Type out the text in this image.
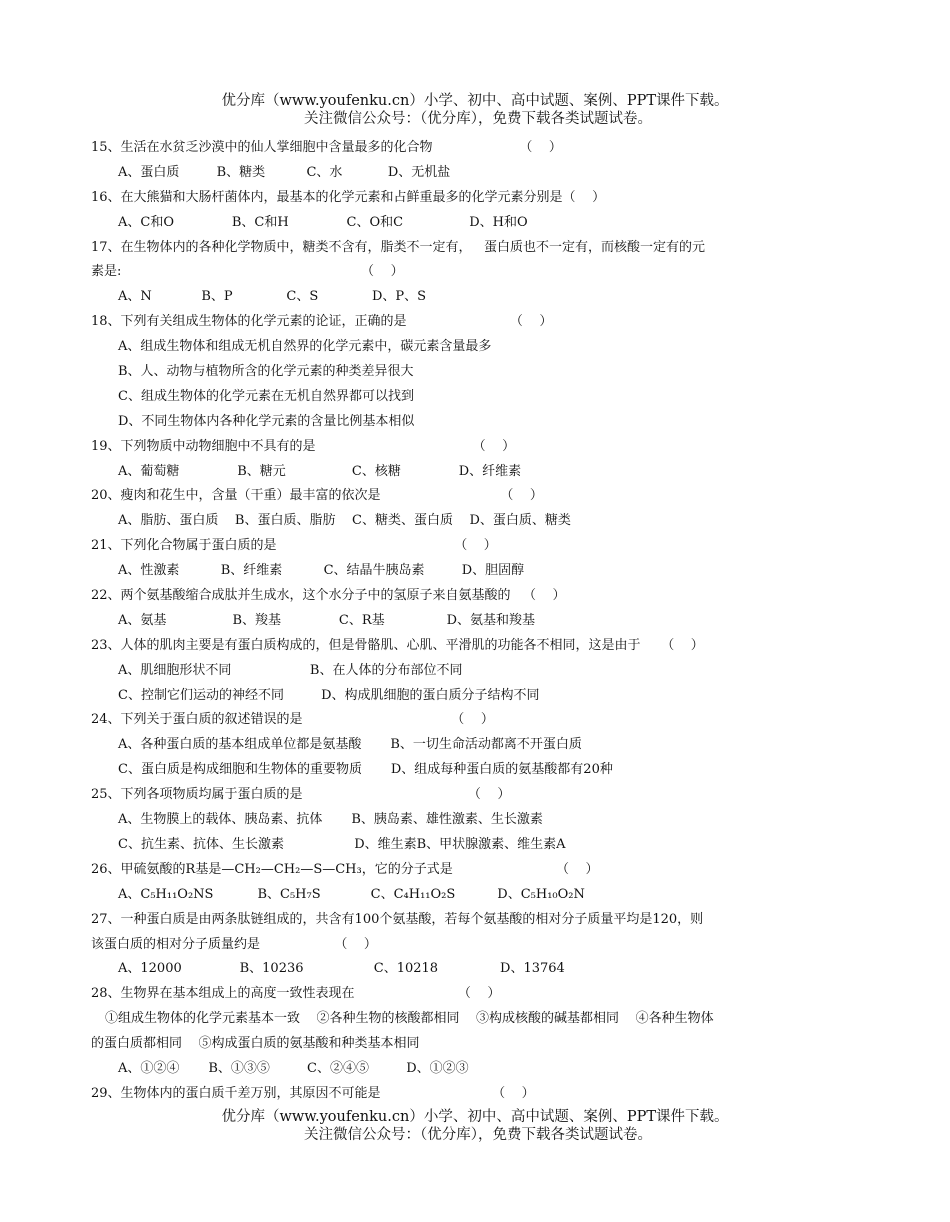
优分库（www.youfenku.cn）小学、初中、高中试题、案例、PPT课件下载。
关注微信公众号：（优分库），免费下载各类试题试卷。
15、生活在水贫乏沙漠中的仙人掌细胞中含量最多的化合物                     （    ）
A、蛋白质         B、糖类          C、水           D、无机盐
16、在大熊猫和大肠杆菌体内，最基本的化学元素和占鲜重最多的化学元素分别是（    ）
A、C和O              B、C和H              C、O和C                D、H和O
17、在生物体内的各种化学物质中，糖类不含有，脂类不一定有，   蛋白质也不一定有，而核酸一定有的元
素是:                                                          （    ）
A、N            B、P             C、S             D、P、S
18、下列有关组成生物体的化学元素的论证，正确的是                         （    ）
A、组成生物体和组成无机自然界的化学元素中，碳元素含量最多
B、人、动物与植物所含的化学元素的种类差异很大
C、组成生物体的化学元素在无机自然界都可以找到
D、不同生物体内各种化学元素的含量比例基本相似
19、下列物质中动物细胞中不具有的是                                      （    ）
A、葡萄糖              B、糖元                C、核糖              D、纤维素
20、瘦肉和花生中，含量（干重）最丰富的依次是                             （    ）
A、脂肪、蛋白质    B、蛋白质、脂肪    C、糖类、蛋白质    D、蛋白质、糖类
21、下列化合物属于蛋白质的是                                           （    ）
A、性激素          B、纤维素          C、结晶牛胰岛素         D、胆固醇
22、两个氨基酸缩合成肽并生成水，这个水分子中的氢原子来自氨基酸的   （    ）
A、氨基                B、羧基              C、R基               D、氨基和羧基
23、人体的肌肉主要是有蛋白质构成的，但是骨骼肌、心肌、平滑肌的功能各不相同，这是由于     （    ）
A、肌细胞形状不同                   B、在人体的分布部位不同
C、控制它们运动的神经不同         D、构成肌细胞的蛋白质分子结构不同
24、下列关于蛋白质的叙述错误的是                                    （    ）
A、各种蛋白质的基本组成单位都是氨基酸       B、一切生命活动都离不开蛋白质
C、蛋白质是构成细胞和生物体的重要物质       D、组成每种蛋白质的氨基酸都有20种
25、下列各项物质均属于蛋白质的是                                        （    ）
A、生物膜上的载体、胰岛素、抗体       B、胰岛素、雄性激素、生长激素
C、抗生素、抗体、生长激素                 D、维生素B、甲状腺激素、维生素A
26、甲硫氨酸的R基是—CH₂—CH₂—S—CH₃，它的分子式是                         （    ）
A、C₅H₁₁O₂NS	B、C₅H₇S	C、C₄H₁₁O₂S	D、C₅H₁₀O₂N
27、一种蛋白质是由两条肽链组成的，共含有100个氨基酸，若每个氨基酸的相对分子质量平均是120，则
该蛋白质的相对分子质量约是                  （    ）
A、12000              B、10236                 C、10218               D、13764
28、生物界在基本组成上的高度一致性表现在                         （    ）
①组成生物体的化学元素基本一致    ②各种生物的核酸都相同    ③构成核酸的碱基都相同    ④各种生物体
的蛋白质都相同    ⑤构成蛋白质的氨基酸和种类基本相同
A、①②④       B、①③⑤         C、②④⑤         D、①②③
29、生物体内的蛋白质千差万别，其原因不可能是                           （    ）
优分库（www.youfenku.cn）小学、初中、高中试题、案例、PPT课件下载。
关注微信公众号：（优分库），免费下载各类试题试卷。
